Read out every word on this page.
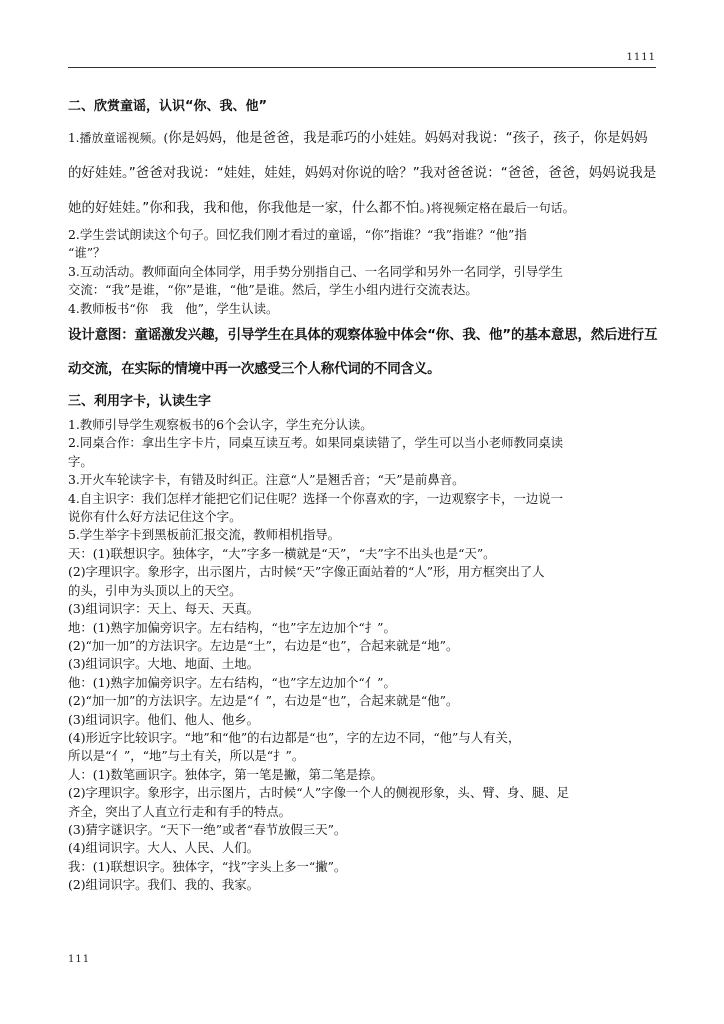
1111

二、欣赏童谣，认识“你、我、他”

1.播放童谣视频。(你是妈妈，他是爸爸，我是乖巧的小娃娃。妈妈对我说：“孩子，孩子，你是妈妈的好娃娃。”爸爸对我说：“娃娃，娃娃，妈妈对你说的啥？”我对爸爸说：“爸爸，爸爸，妈妈说我是她的好娃娃。”你和我，我和他，你我他是一家，什么都不怕。)将视频定格在最后一句话。

2.学生尝试朗读这个句子。回忆我们刚才看过的童谣，“你”指谁？“我”指谁？“他”指

“谁”？

3.互动活动。教师面向全体同学，用手势分别指自己、一名同学和另外一名同学，引导学生

交流：“我”是谁，“你”是谁，“他”是谁。然后，学生小组内进行交流表达。

4.教师板书“你　我　他”，学生认读。

设计意图：童谣激发兴趣，引导学生在具体的观察体验中体会“你、我、他”的基本意思，然后进行互动交流，在实际的情境中再一次感受三个人称代词的不同含义。

三、利用字卡，认读生字

1.教师引导学生观察板书的6个会认字，学生充分认读。

2.同桌合作：拿出生字卡片，同桌互读互考。如果同桌读错了，学生可以当小老师教同桌读

字。

3.开火车轮读字卡，有错及时纠正。注意“人”是翘舌音；“天”是前鼻音。

4.自主识字：我们怎样才能把它们记住呢？选择一个你喜欢的字，一边观察字卡，一边说一

说你有什么好方法记住这个字。

5.学生举字卡到黑板前汇报交流，教师相机指导。

天：(1)联想识字。独体字，“大”字多一横就是“天”，“夫”字不出头也是“天”。

(2)字理识字。象形字，出示图片，古时候“天”字像正面站着的“人”形，用方框突出了人

的头，引申为头顶以上的天空。

(3)组词识字：天上、每天、天真。

地：(1)熟字加偏旁识字。左右结构，“也”字左边加个“扌”。

(2)“加一加”的方法识字。左边是“土”，右边是“也”，合起来就是“地”。

(3)组词识字。大地、地面、土地。

他：(1)熟字加偏旁识字。左右结构，“也”字左边加个“亻”。

(2)“加一加”的方法识字。左边是“亻”，右边是“也”，合起来就是“他”。

(3)组词识字。他们、他人、他乡。

(4)形近字比较识字。“地”和“他”的右边都是“也”，字的左边不同，“他”与人有关，

所以是“亻”，“地”与土有关，所以是“扌”。

人：(1)数笔画识字。独体字，第一笔是撇，第二笔是捺。

(2)字理识字。象形字，出示图片，古时候“人”字像一个人的侧视形象，头、臂、身、腿、足

齐全，突出了人直立行走和有手的特点。

(3)猜字谜识字。“天下一绝”或者“春节放假三天”。

(4)组词识字。大人、人民、人们。

我：(1)联想识字。独体字，“找”字头上多一“撇”。

(2)组词识字。我们、我的、我家。

111
